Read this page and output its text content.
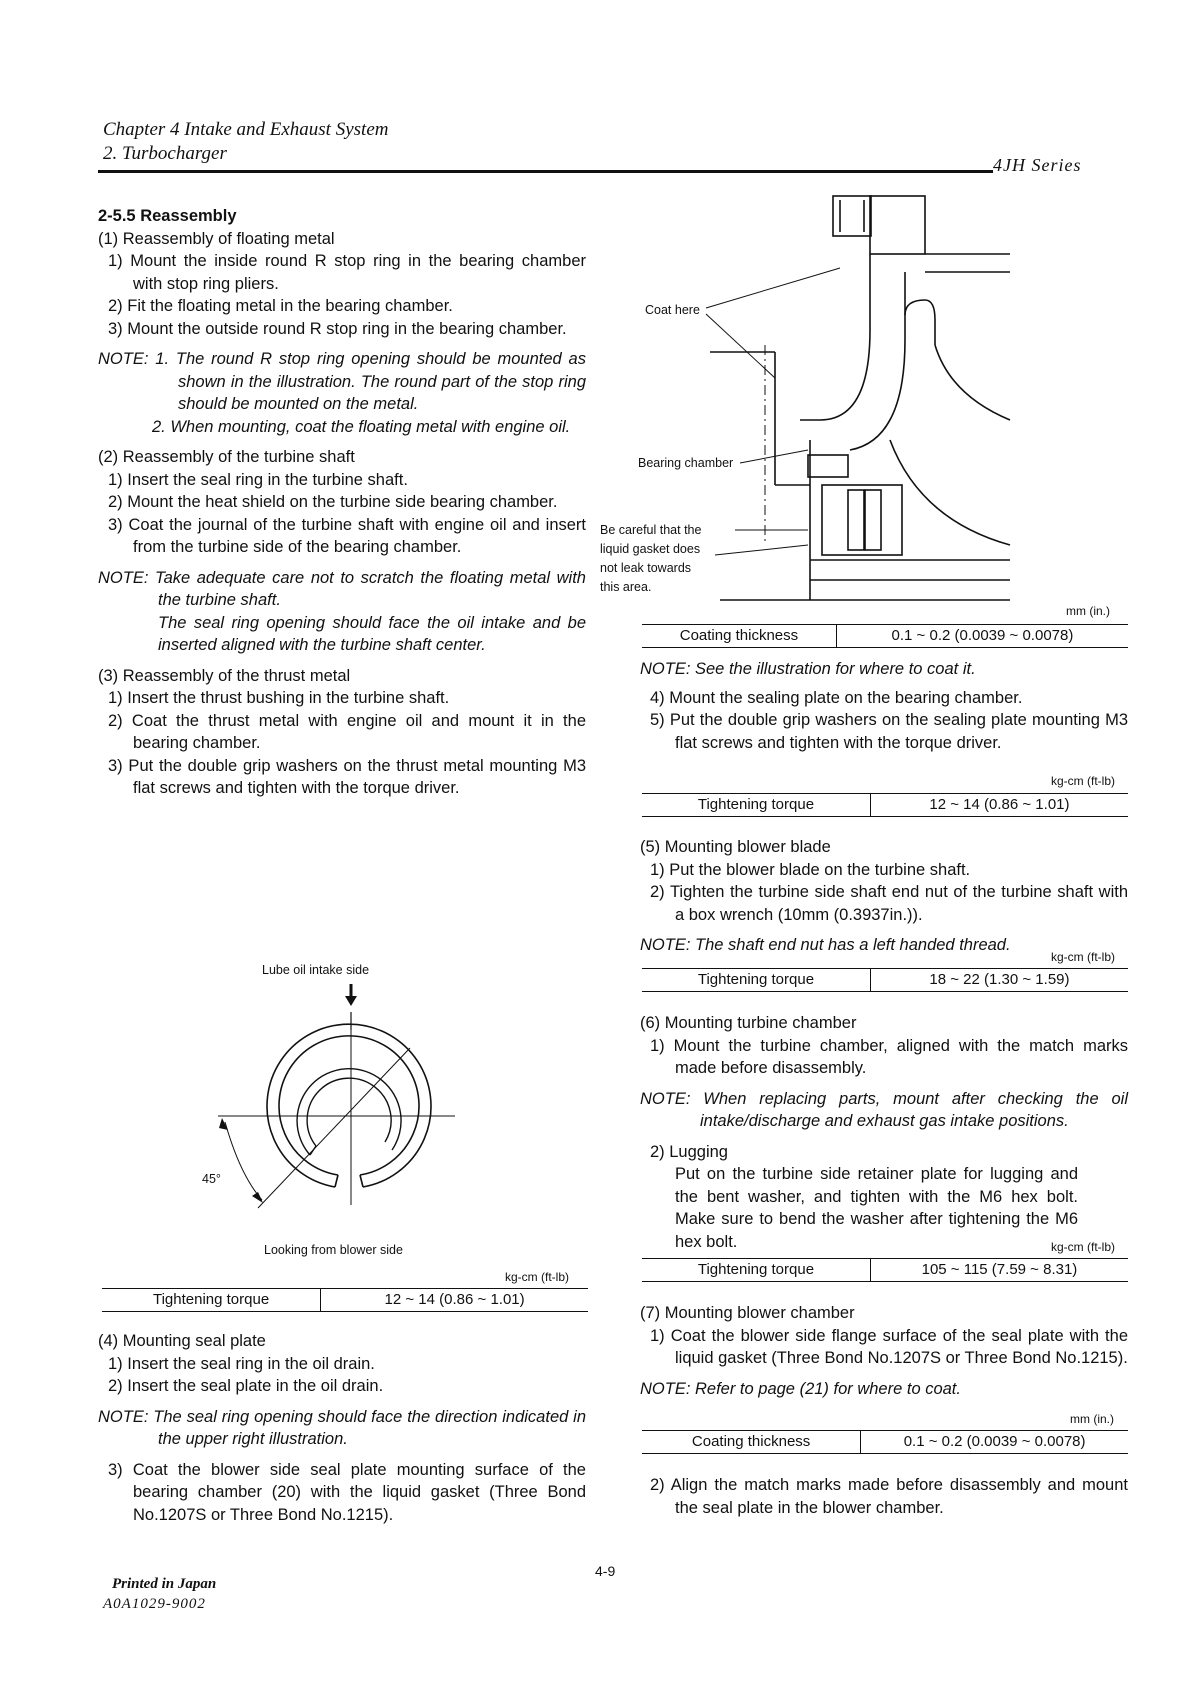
Chapter 4 Intake and Exhaust System
2. Turbocharger
4JH Series

2-5.5 Reassembly

(1) Reassembly of floating metal

1) Mount the inside round R stop ring in the bearing chamber with stop ring pliers.

2) Fit the floating metal in the bearing chamber.

3) Mount the outside round R stop ring in the bearing chamber.

NOTE: 1. The round R stop ring opening should be mounted as shown in the illustration. The round part of the stop ring should be mounted on the metal.

2. When mounting, coat the floating metal with engine oil.

(2) Reassembly of the turbine shaft

1) Insert the seal ring in the turbine shaft.

2) Mount the heat shield on the turbine side bearing chamber.

3) Coat the journal of the turbine shaft with engine oil and insert from the turbine side of the bearing chamber.

NOTE: Take adequate care not to scratch the floating metal with the turbine shaft.

The seal ring opening should face the oil intake and be inserted aligned with the turbine shaft center.

(3) Reassembly of the thrust metal

1) Insert the thrust bushing in the turbine shaft.

2) Coat the thrust metal with engine oil and mount it in the bearing chamber.

3) Put the double grip washers on the thrust metal mounting M3 flat screws and tighten with the torque driver.

Lube oil intake side
45°
Looking from blower side
kg-cm (ft-lb)
Tightening torque	12 ~ 14 (0.86 ~ 1.01)

(4) Mounting seal plate

1) Insert the seal ring in the oil drain.

2) Insert the seal plate in the oil drain.

NOTE: The seal ring opening should face the direction indicated in the upper right illustration.

3) Coat the blower side seal plate mounting surface of the bearing chamber (20) with the liquid gasket (Three Bond No.1207S or Three Bond No.1215).

Coat here
Bearing chamber
Be careful that the
liquid gasket does
not leak towards
this area.
mm (in.)
Coating thickness	0.1 ~ 0.2 (0.0039 ~ 0.0078)

NOTE: See the illustration for where to coat it.

4) Mount the sealing plate on the bearing chamber.

5) Put the double grip washers on the sealing plate mounting M3 flat screws and tighten with the torque driver.

kg-cm (ft-lb)
Tightening torque	12 ~ 14 (0.86 ~ 1.01)

(5) Mounting blower blade

1) Put the blower blade on the turbine shaft.

2) Tighten the turbine side shaft end nut of the turbine shaft with a box wrench (10mm (0.3937in.)).

NOTE: The shaft end nut has a left handed thread.

kg-cm (ft-lb)
Tightening torque	18 ~ 22 (1.30 ~ 1.59)

(6) Mounting turbine chamber

1) Mount the turbine chamber, aligned with the match marks made before disassembly.

NOTE: When replacing parts, mount after checking the oil intake/discharge and exhaust gas intake positions.

2) Lugging

Put on the turbine side retainer plate for lugging and the bent washer, and tighten with the M6 hex bolt. Make sure to bend the washer after tightening the M6 hex bolt.	kg-cm (ft-lb)
Tightening torque	105 ~ 115 (7.59 ~ 8.31)

(7) Mounting blower chamber

1) Coat the blower side flange surface of the seal plate with the liquid gasket (Three Bond No.1207S or Three Bond No.1215).

NOTE: Refer to page (21) for where to coat.

mm (in.)
Coating thickness	0.1 ~ 0.2 (0.0039 ~ 0.0078)

2) Align the match marks made before disassembly and mount the seal plate in the blower chamber.

4-9
Printed in Japan
A0A1029-9002
